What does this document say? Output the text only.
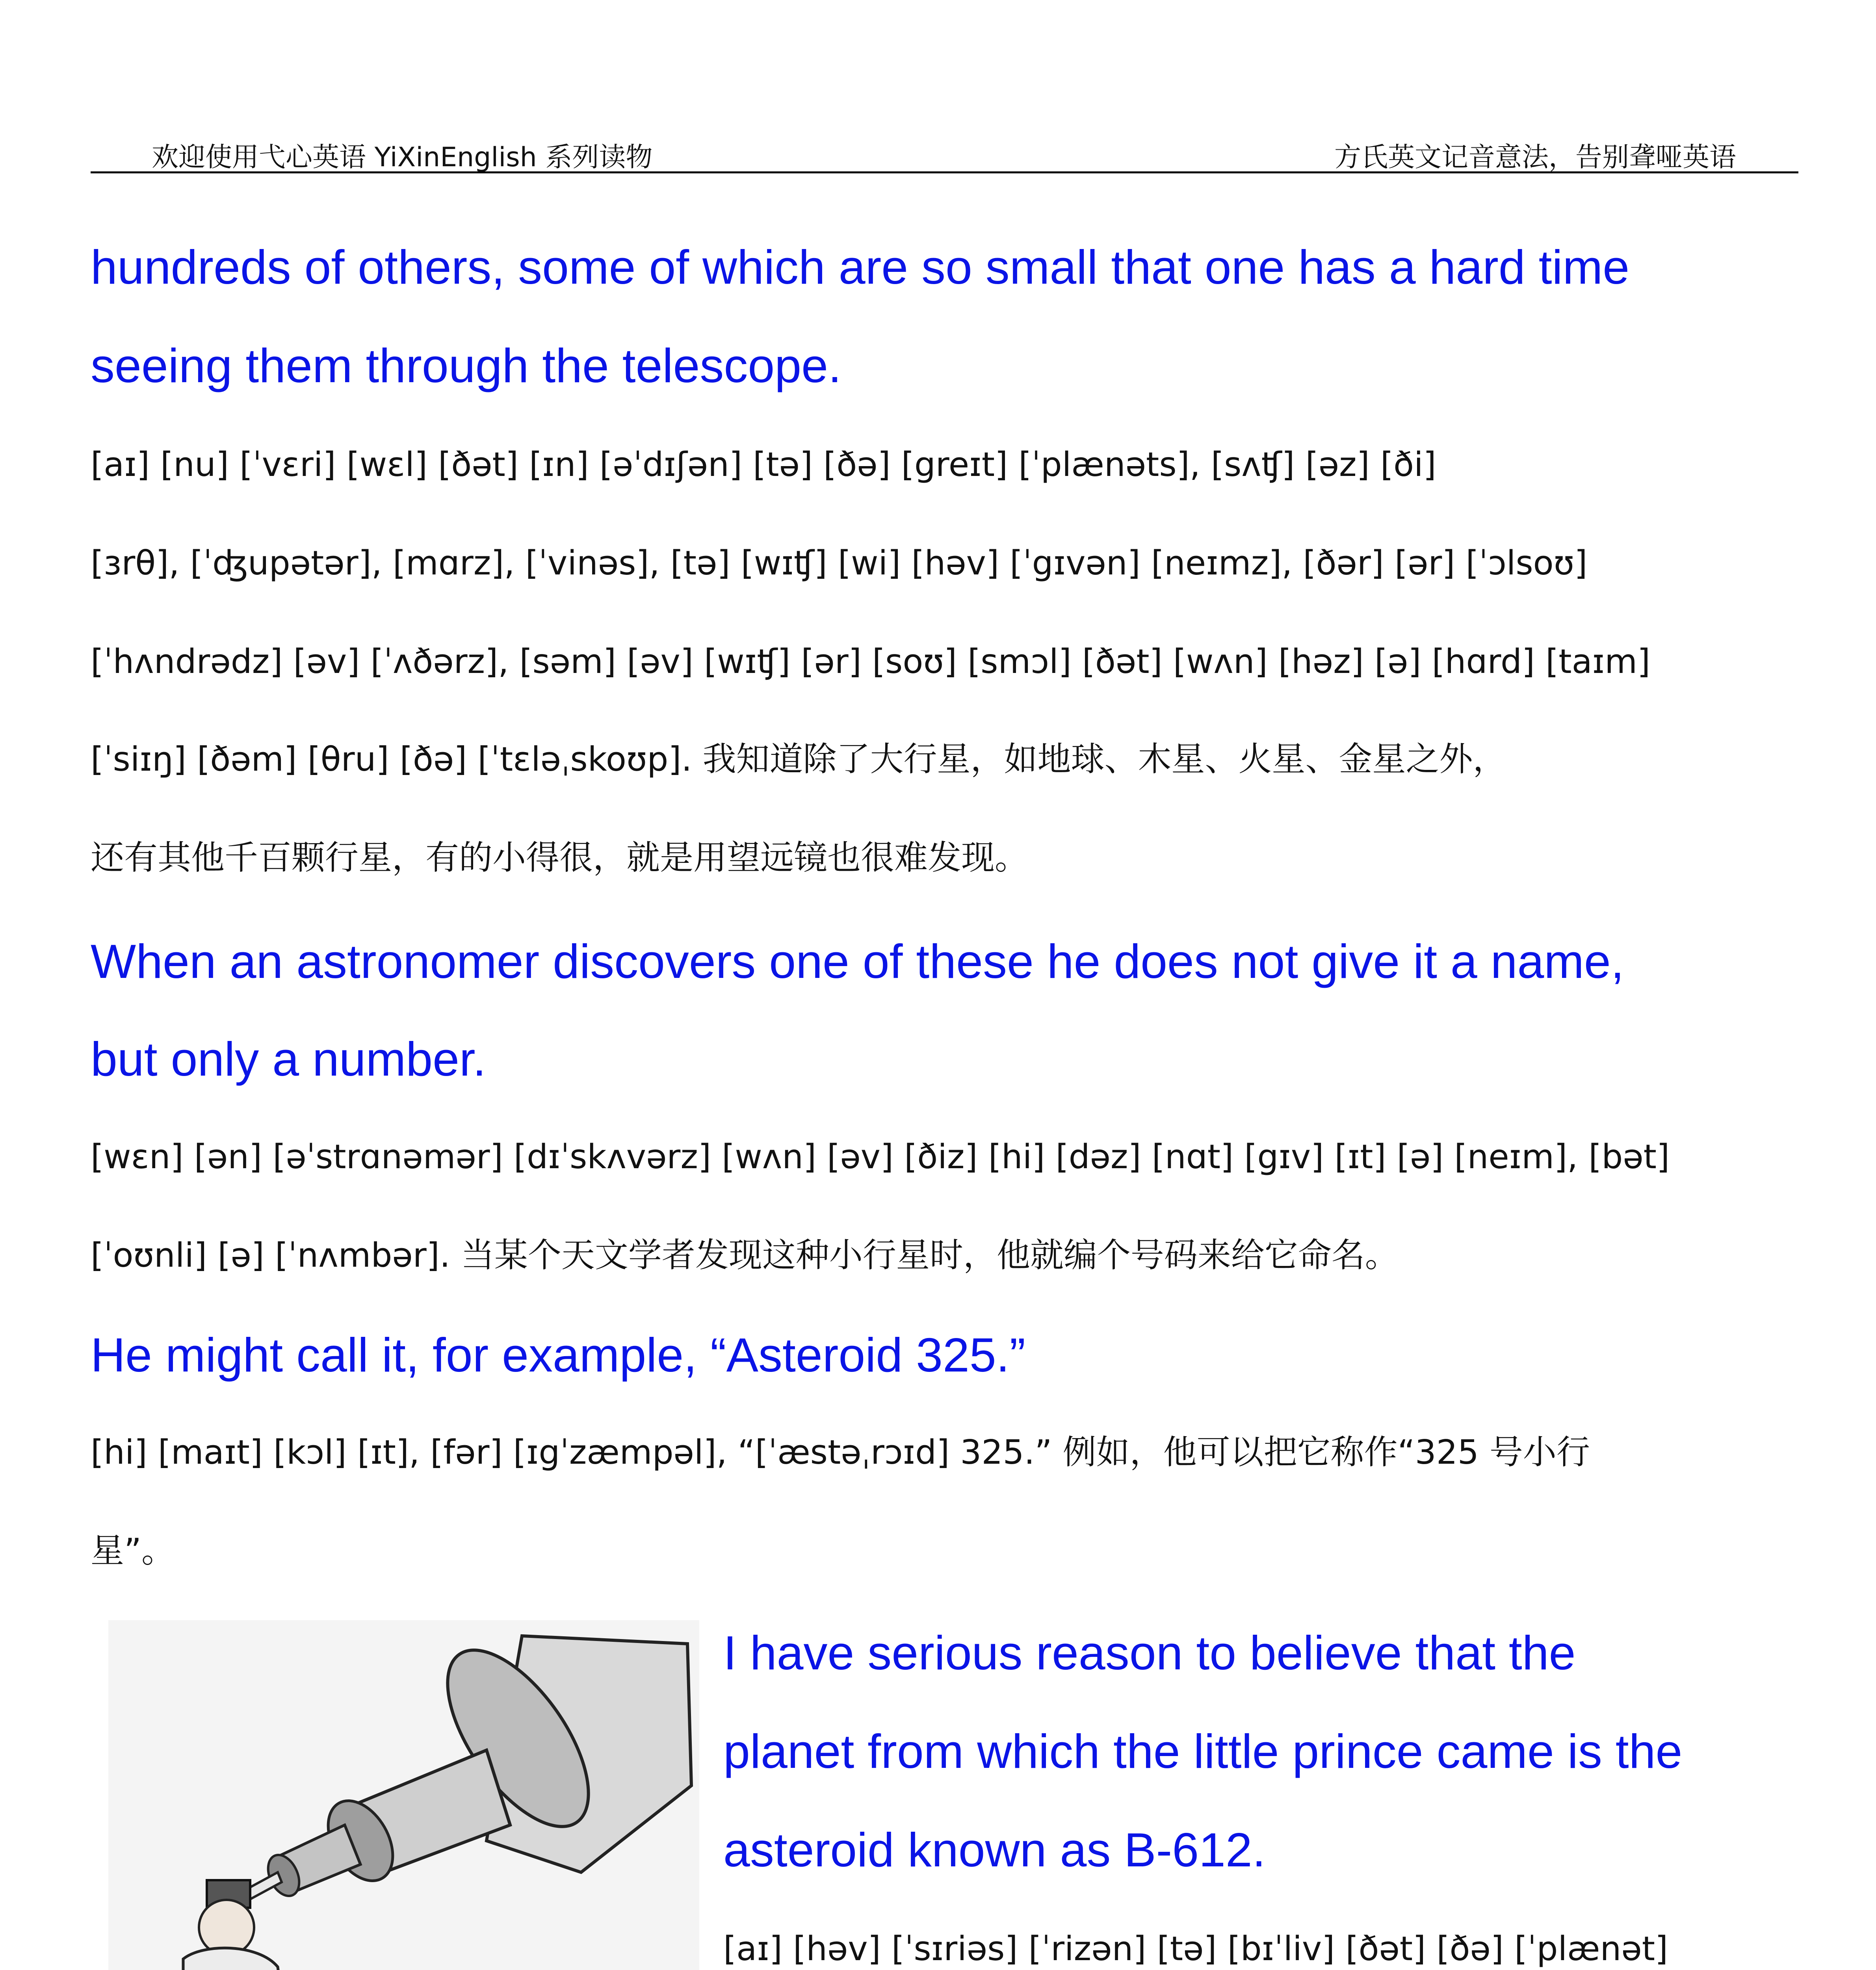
欢迎使用弋心英语 YiXinEnglish 系列读物	方氏英文记音意法，告别聋哑英语
hundreds of others, some of which are so small that one has a hard time
seeing them through the telescope.
[aɪ] [nu] [ˈvɛri] [wɛl] [ðət] [ɪn] [əˈdɪʃən] [tə] [ðə] [greɪt] [ˈplænəts], [sʌʧ] [əz] [ði]
[ɜrθ], [ˈʤupətər], [mɑrz], [ˈvinəs], [tə] [wɪʧ] [wi] [həv] [ˈgɪvən] [neɪmz], [ðər] [ər] [ˈɔlsoʊ]
[ˈhʌndrədz] [əv] [ˈʌðərz], [səm] [əv] [wɪʧ] [ər] [soʊ] [smɔl] [ðət] [wʌn] [həz] [ə] [hɑrd] [taɪm]
[ˈsiɪŋ] [ðəm] [θru] [ðə] [ˈtɛləˌskoʊp]. 我知道除了大行星，如地球、木星、火星、金星之外，
还有其他千百颗行星，有的小得很，就是用望远镜也很难发现。
When an astronomer discovers one of these he does not give it a name,
but only a number.
[wɛn] [ən] [əˈstrɑnəmər] [dɪˈskʌvərz] [wʌn] [əv] [ðiz] [hi] [dəz] [nɑt] [gɪv] [ɪt] [ə] [neɪm], [bət]
[ˈoʊnli] [ə] [ˈnʌmbər]. 当某个天文学者发现这种小行星时，他就编个号码来给它命名。
He might call it, for example, “Asteroid 325.”
[hi] [maɪt] [kɔl] [ɪt], [fər] [ɪgˈzæmpəl], “[ˈæstəˌrɔɪd] 325.” 例如，他可以把它称作“325 号小行
星”。
I have serious reason to believe that the
planet from which the little prince came is the
asteroid known as B-612.
[aɪ] [həv] [ˈsɪriəs] [ˈrizən] [tə] [bɪˈliv] [ðət] [ðə] [ˈplænət]
